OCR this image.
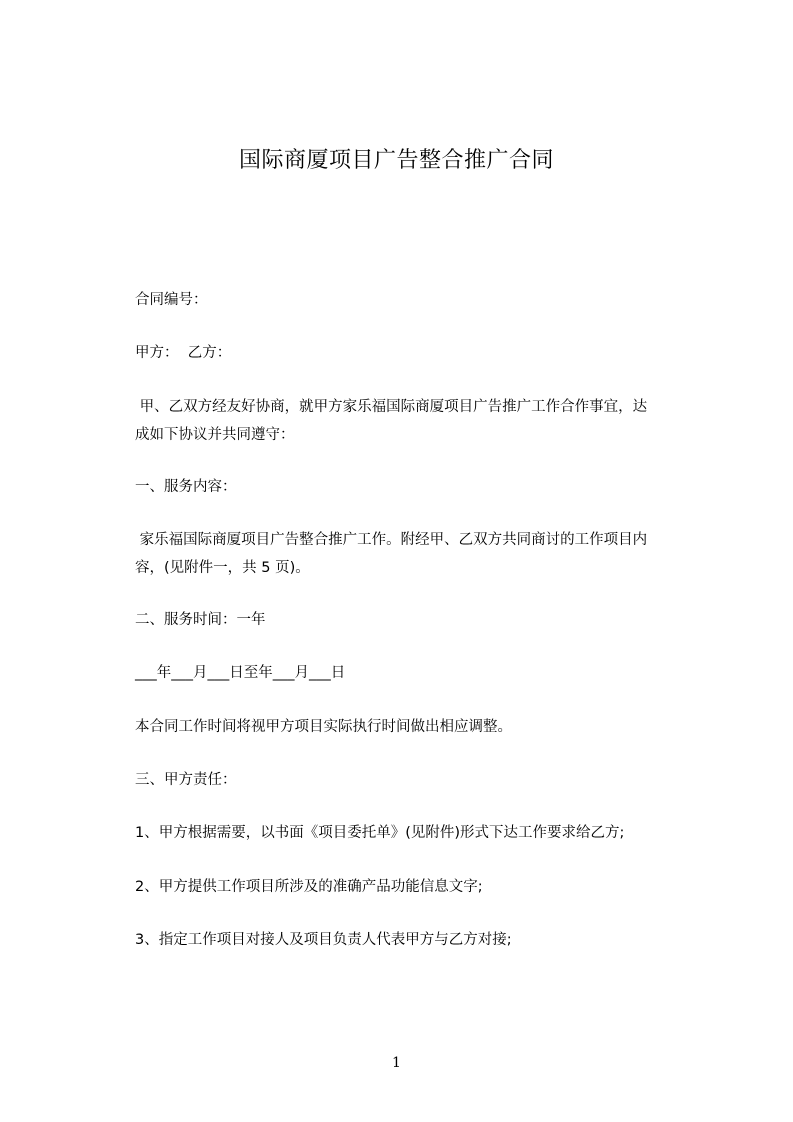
国际商厦项目广告整合推广合同
合同编号：
甲方：  乙方：
甲、乙双方经友好协商，就甲方家乐福国际商厦项目广告推广工作合作事宜，达
成如下协议并共同遵守：
一、服务内容：
家乐福国际商厦项目广告整合推广工作。附经甲、乙双方共同商讨的工作项目内
容，(见附件一，共 5 页)。
二、服务时间：一年
___年___月___日至年___月___日
本合同工作时间将视甲方项目实际执行时间做出相应调整。
三、甲方责任：
1、甲方根据需要，以书面《项目委托单》(见附件)形式下达工作要求给乙方;
2、甲方提供工作项目所涉及的准确产品功能信息文字;
3、指定工作项目对接人及项目负责人代表甲方与乙方对接;
1
